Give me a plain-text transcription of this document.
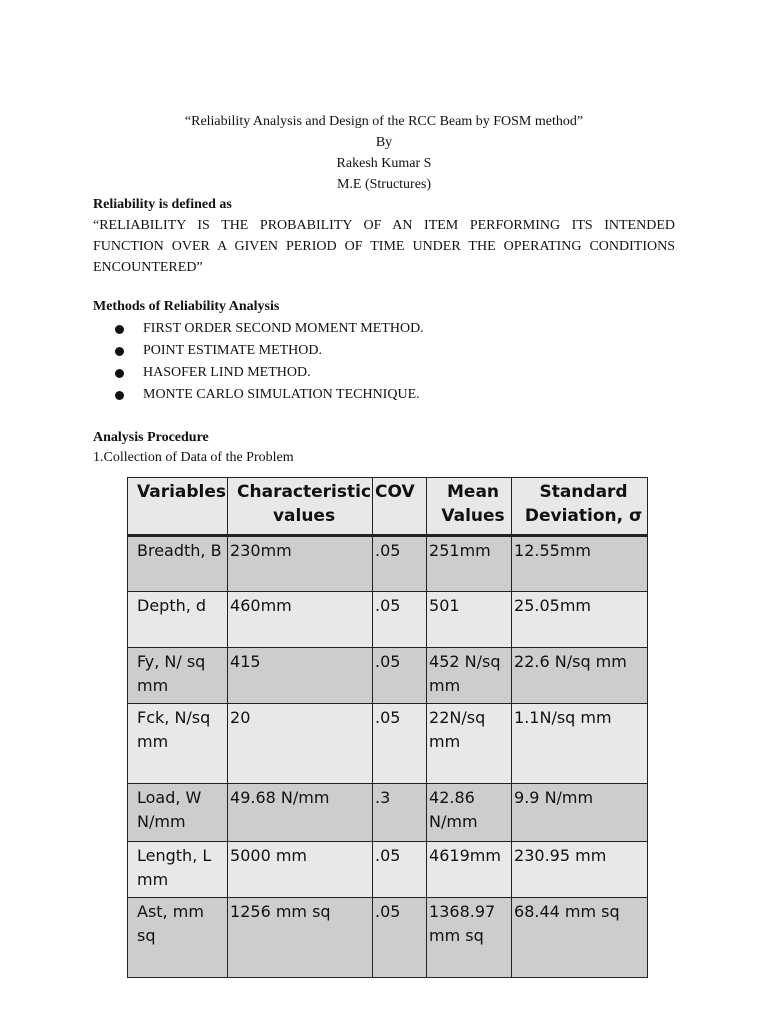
“Reliability Analysis and Design of the RCC Beam by FOSM method”
By
Rakesh Kumar S
M.E (Structures)
Reliability is defined as
“RELIABILITY IS THE PROBABILITY OF AN ITEM PERFORMING ITS INTENDED FUNCTION OVER A GIVEN PERIOD OF TIME UNDER THE OPERATING CONDITIONS ENCOUNTERED”
Methods of Reliability Analysis
FIRST ORDER SECOND MOMENT METHOD.
POINT ESTIMATE METHOD.
HASOFER LIND METHOD.
MONTE CARLO SIMULATION TECHNIQUE.
Analysis Procedure
1.Collection of Data of the Problem
Variables	Characteristic values	COV	Mean Values	Standard Deviation, σ
Breadth, B	230mm	.05	251mm	12.55mm
Depth, d	460mm	.05	501	25.05mm
Fy, N/ sq mm	415	.05	452 N/sq mm	22.6 N/sq mm
Fck, N/sq mm	20	.05	22N/sq mm	1.1N/sq mm
Load, W N/mm	49.68 N/mm	.3	42.86 N/mm	9.9 N/mm
Length, L mm	5000 mm	.05	4619mm	230.95 mm
Ast, mm sq	1256 mm sq	.05	1368.97 mm sq	68.44 mm sq
